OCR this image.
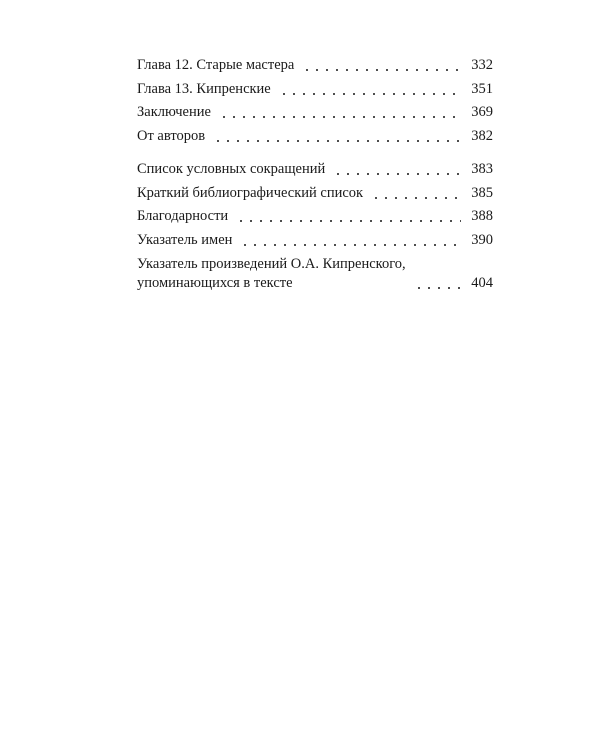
Глава 12. Старые мастера	332
Глава 13. Кипренские	351
Заключение	369
От авторов	382
Список условных сокращений	383
Краткий библиографический список	385
Благодарности	388
Указатель имен	390
Указатель произведений О.А. Кипренского,
упоминающихся в тексте	404
